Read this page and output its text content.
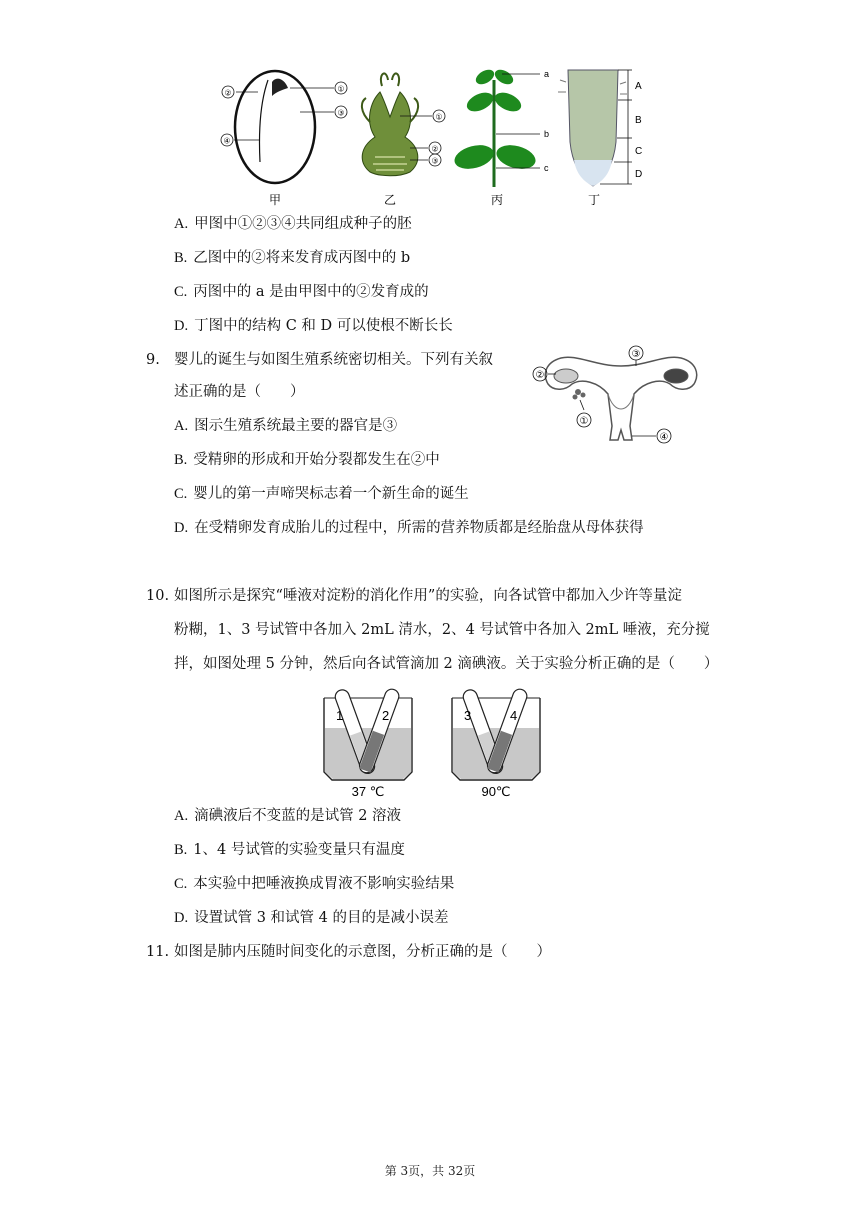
②	①
③
④
甲
①
②
③
乙
a
b
c
丙
A
B
C
D
丁
A. 甲图中①②③④共同组成种子的胚
B. 乙图中的②将来发育成丙图中的 b
C. 丙图中的 a 是由甲图中的②发育成的
D. 丁图中的结构 C 和 D 可以使根不断长长
9. 婴儿的诞生与如图生殖系统密切相关。下列有关叙
述正确的是（　　）
②
③
①
④
A. 图示生殖系统最主要的器官是③
B. 受精卵的形成和开始分裂都发生在②中
C. 婴儿的第一声啼哭标志着一个新生命的诞生
D. 在受精卵发育成胎儿的过程中，所需的营养物质都是经胎盘从母体获得
10. 如图所示是探究“唾液对淀粉的消化作用”的实验，向各试管中都加入少许等量淀
粉糊，1、3 号试管中各加入 2mL 清水，2、4 号试管中各加入 2mL 唾液，充分搅
拌，如图处理 5 分钟，然后向各试管滴加 2 滴碘液。关于实验分析正确的是（　　）
1	2
37 ℃
3	4
90℃
A. 滴碘液后不变蓝的是试管 2 溶液
B. 1、4 号试管的实验变量只有温度
C. 本实验中把唾液换成胃液不影响实验结果
D. 设置试管 3 和试管 4 的目的是减小误差
11. 如图是肺内压随时间变化的示意图，分析正确的是（　　）
第 3页，共 32页
